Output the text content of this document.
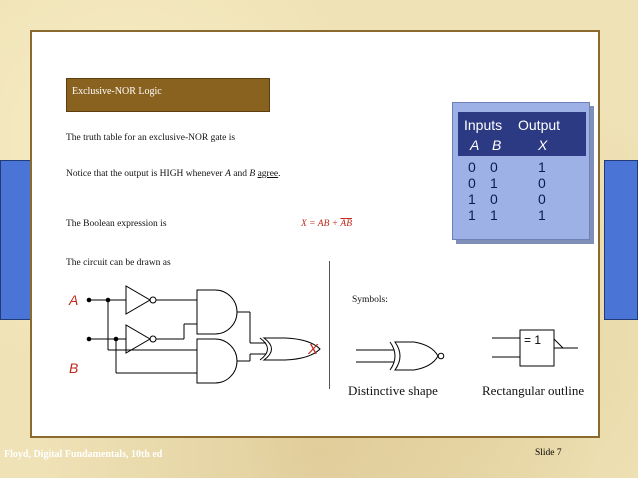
Exclusive-NOR Logic
The truth table for an exclusive-NOR gate is
Notice that the output is HIGH whenever A and B agree.
The Boolean expression is	X = AB + $\overline{A}\overline{B}$
The circuit can be drawn as
A
B
X
Symbols:
= 1
Distinctive shape	Rectangular outline
Slide 7
Inputs Output
A B	X
0 0	1
0 1	0
1 0	0
1 1	1
Floyd, Digital Fundamentals, 10th ed
